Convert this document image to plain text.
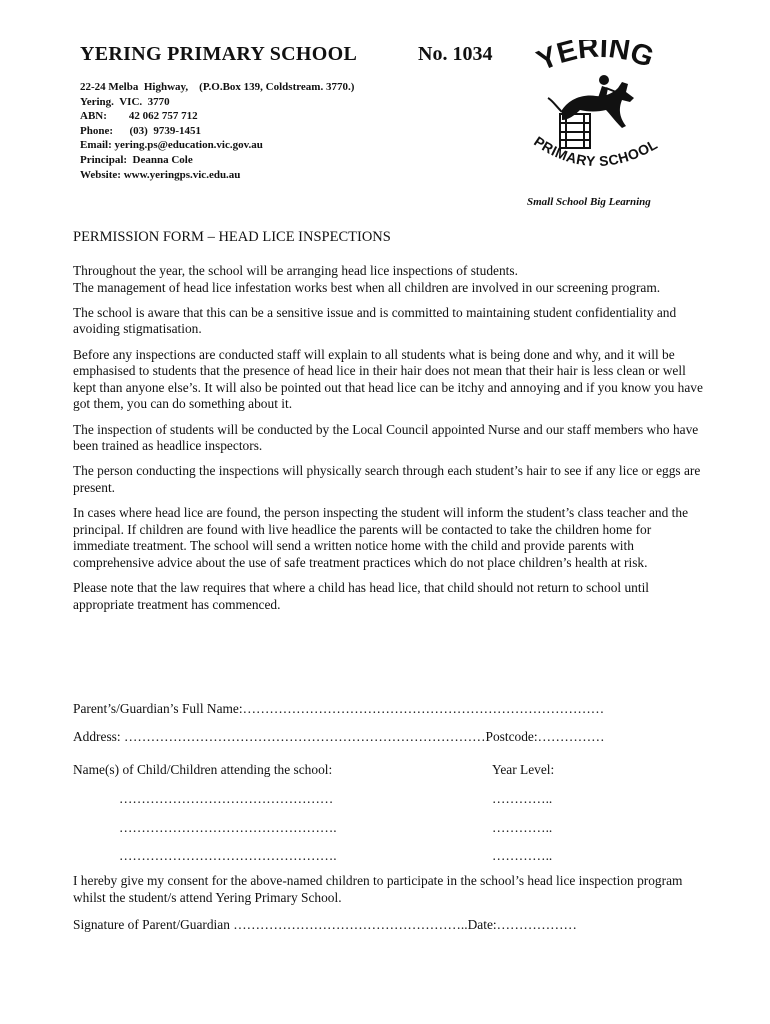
YERING PRIMARY SCHOOL	No. 1034
22-24 Melba  Highway,    (P.O.Box 139, Coldstream. 3770.)
Yering.  VIC.  3770
ABN:        42 062 757 712
Phone:      (03)  9739-1451
Email: yering.ps@education.vic.gov.au
Principal:  Deanna Cole
Website: www.yeringps.vic.edu.au
YERING
PRIMARY SCHOOL
Small School Big Learning
PERMISSION FORM – HEAD LICE INSPECTIONS

Throughout the year, the school will be arranging head lice inspections of students.
The management of head lice infestation works best when all children are involved in our screening program.

The school is aware that this can be a sensitive issue and is committed to maintaining student confidentiality and avoiding stigmatisation.

Before any inspections are conducted staff will explain to all students what is being done and why, and it will be emphasised to students that the presence of head lice in their hair does not mean that their hair is less clean or well kept than anyone else’s. It will also be pointed out that head lice can be itchy and annoying and if you know you have got them, you can do something about it.

The inspection of students will be conducted by the Local Council appointed Nurse and our staff members who have been trained as headlice inspectors.

The person conducting the inspections will physically search through each student’s hair to see if any lice or eggs are present.

In cases where head lice are found, the person inspecting the student will inform the student’s class teacher and the principal. If children are found with live headlice the parents will be contacted to take the children home for immediate treatment. The school will send a written notice home with the child and provide parents with comprehensive advice about the use of safe treatment practices which do not place children’s health at risk.

Please note that the law requires that where a child has head lice, that child should not return to school until appropriate treatment has commenced.

Parent’s/Guardian’s Full Name:………………………………………………………………………
Address: ………………………………………………………………………Postcode:……………
Name(s) of Child/Children attending the school:	Year Level:
…………………………………………	…………..
………………………………………….	…………..
………………………………………….	…………..
I hereby give my consent for the above-named children to participate in the school’s head lice inspection program whilst the student/s attend Yering Primary School.
Signature of Parent/Guardian ……………………………………………..Date:………………
